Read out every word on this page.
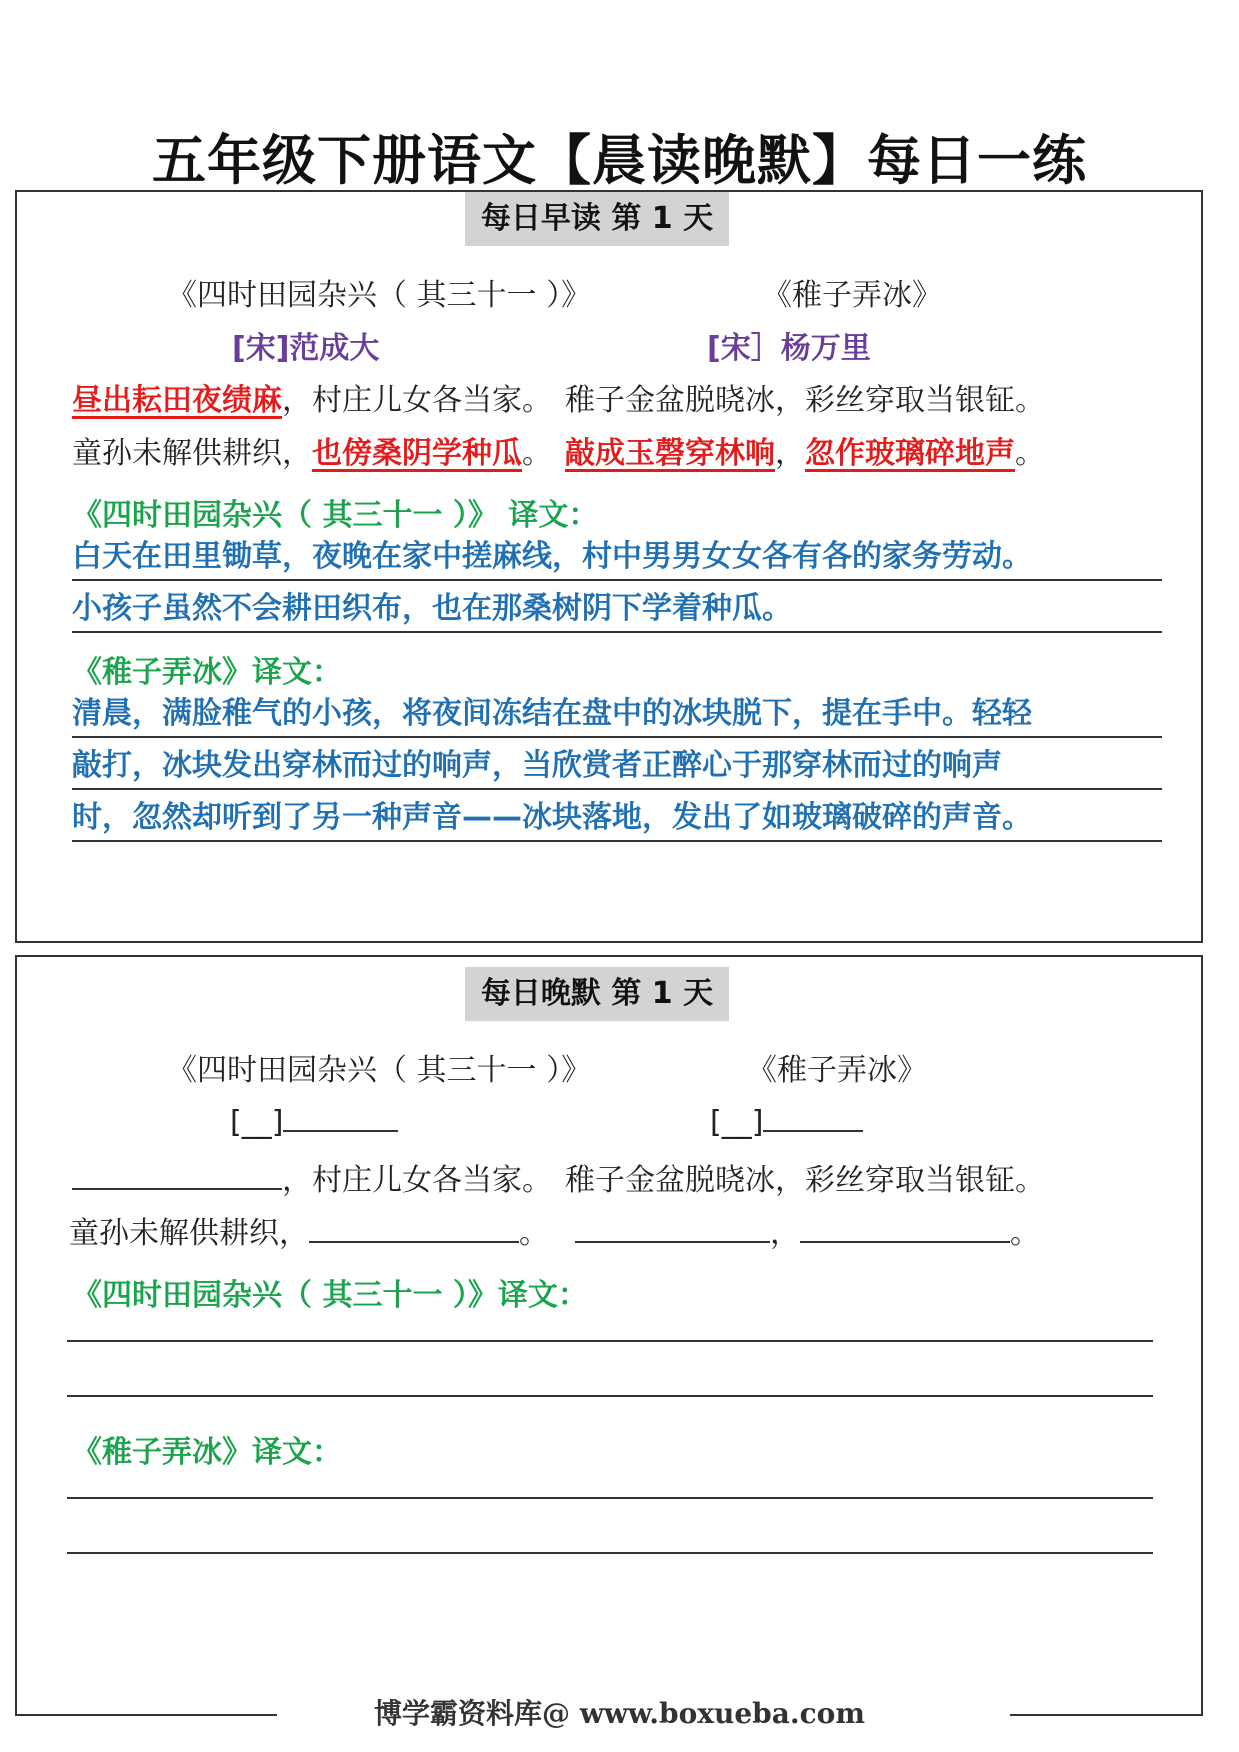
五年级下册语文【晨读晚默】每日一练
每日早读 第 1 天
《四时田园杂兴（ 其三十一 ）》	《稚子弄冰》
[宋]范成大	[宋］杨万里
昼出耘田夜绩麻，村庄儿女各当家。 稚子金盆脱晓冰，彩丝穿取当银钲。
童孙未解供耕织，也傍桑阴学种瓜。 敲成玉磬穿林响，忽作玻璃碎地声。
《四时田园杂兴（ 其三十一 ）》 译文：
白天在田里锄草，夜晚在家中搓麻线，村中男男女女各有各的家务劳动。
小孩子虽然不会耕田织布，也在那桑树阴下学着种瓜。
《稚子弄冰》译文：
清晨，满脸稚气的小孩，将夜间冻结在盘中的冰块脱下，提在手中。轻轻
敲打，冰块发出穿林而过的响声，当欣赏者正醉心于那穿林而过的响声
时，忽然却听到了另一种声音——冰块落地，发出了如玻璃破碎的声音。
每日晚默 第 1 天
《四时田园杂兴（ 其三十一 ）》	《稚子弄冰》
[__]	[__]
，村庄儿女各当家。 稚子金盆脱晓冰，彩丝穿取当银钲。
童孙未解供耕织，	。	，	。
《四时田园杂兴（ 其三十一 ）》译文：
《稚子弄冰》译文：
博学霸资料库@ www.boxueba.com
